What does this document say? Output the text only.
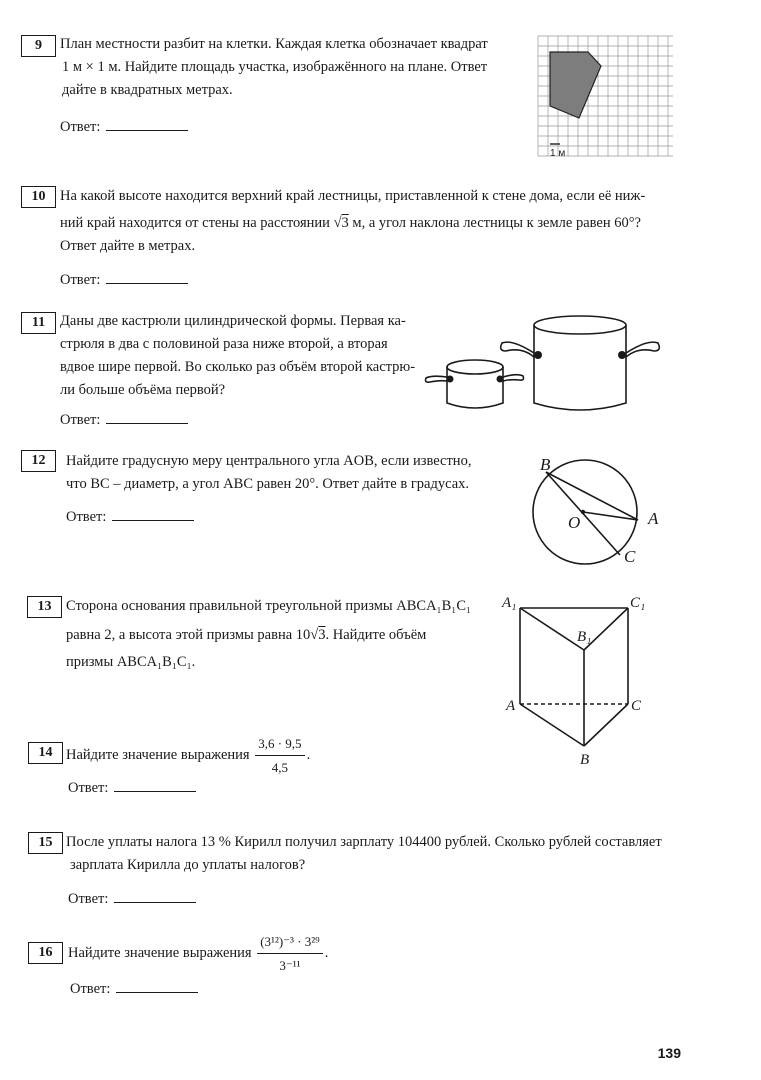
9	План местности разбит на клетки. Каждая клетка обозначает квадрат
1 м × 1 м. Найдите площадь участка, изображённого на плане. Ответ
дайте в квадратных метрах.
Ответ:
1 м
10	На какой высоте находится верхний край лестницы, приставленной к стене дома, если её ниж-
ний край находится от стены на расстоянии √3 м, а угол наклона лестницы к земле равен 60°?
Ответ дайте в метрах.
Ответ:
11	Даны две кастрюли цилиндрической формы. Первая ка-
стрюля в два с половиной раза ниже второй, а вторая
вдвое шире первой. Во сколько раз объём второй кастрю-
ли больше объёма первой?
Ответ:
12	Найдите градусную меру центрального угла AOB, если известно,
что BC – диаметр, а угол ABC равен 20°. Ответ дайте в градусах.
Ответ:
B
O	A
C
13	Сторона основания правильной треугольной призмы ABCA₁B₁C₁
равна 2, а высота этой призмы равна 10√3. Найдите объём
призмы ABCA₁B₁C₁.
A₁	C₁
B₁
A	C
B
14 Найдите значение выражения $\frac{3,6 \cdot 9,5}{4,5}$ .
Ответ:
15 После уплаты налога 13 % Кирилл получил зарплату 104400 рублей. Сколько рублей составляет
зарплата Кирилла до уплаты налогов?
Ответ:
16	Найдите значение выражения $\frac{\text{(3¹²)⁻³ · 3²⁹}}{\text{3⁻¹¹}}$ .
Ответ:
139
